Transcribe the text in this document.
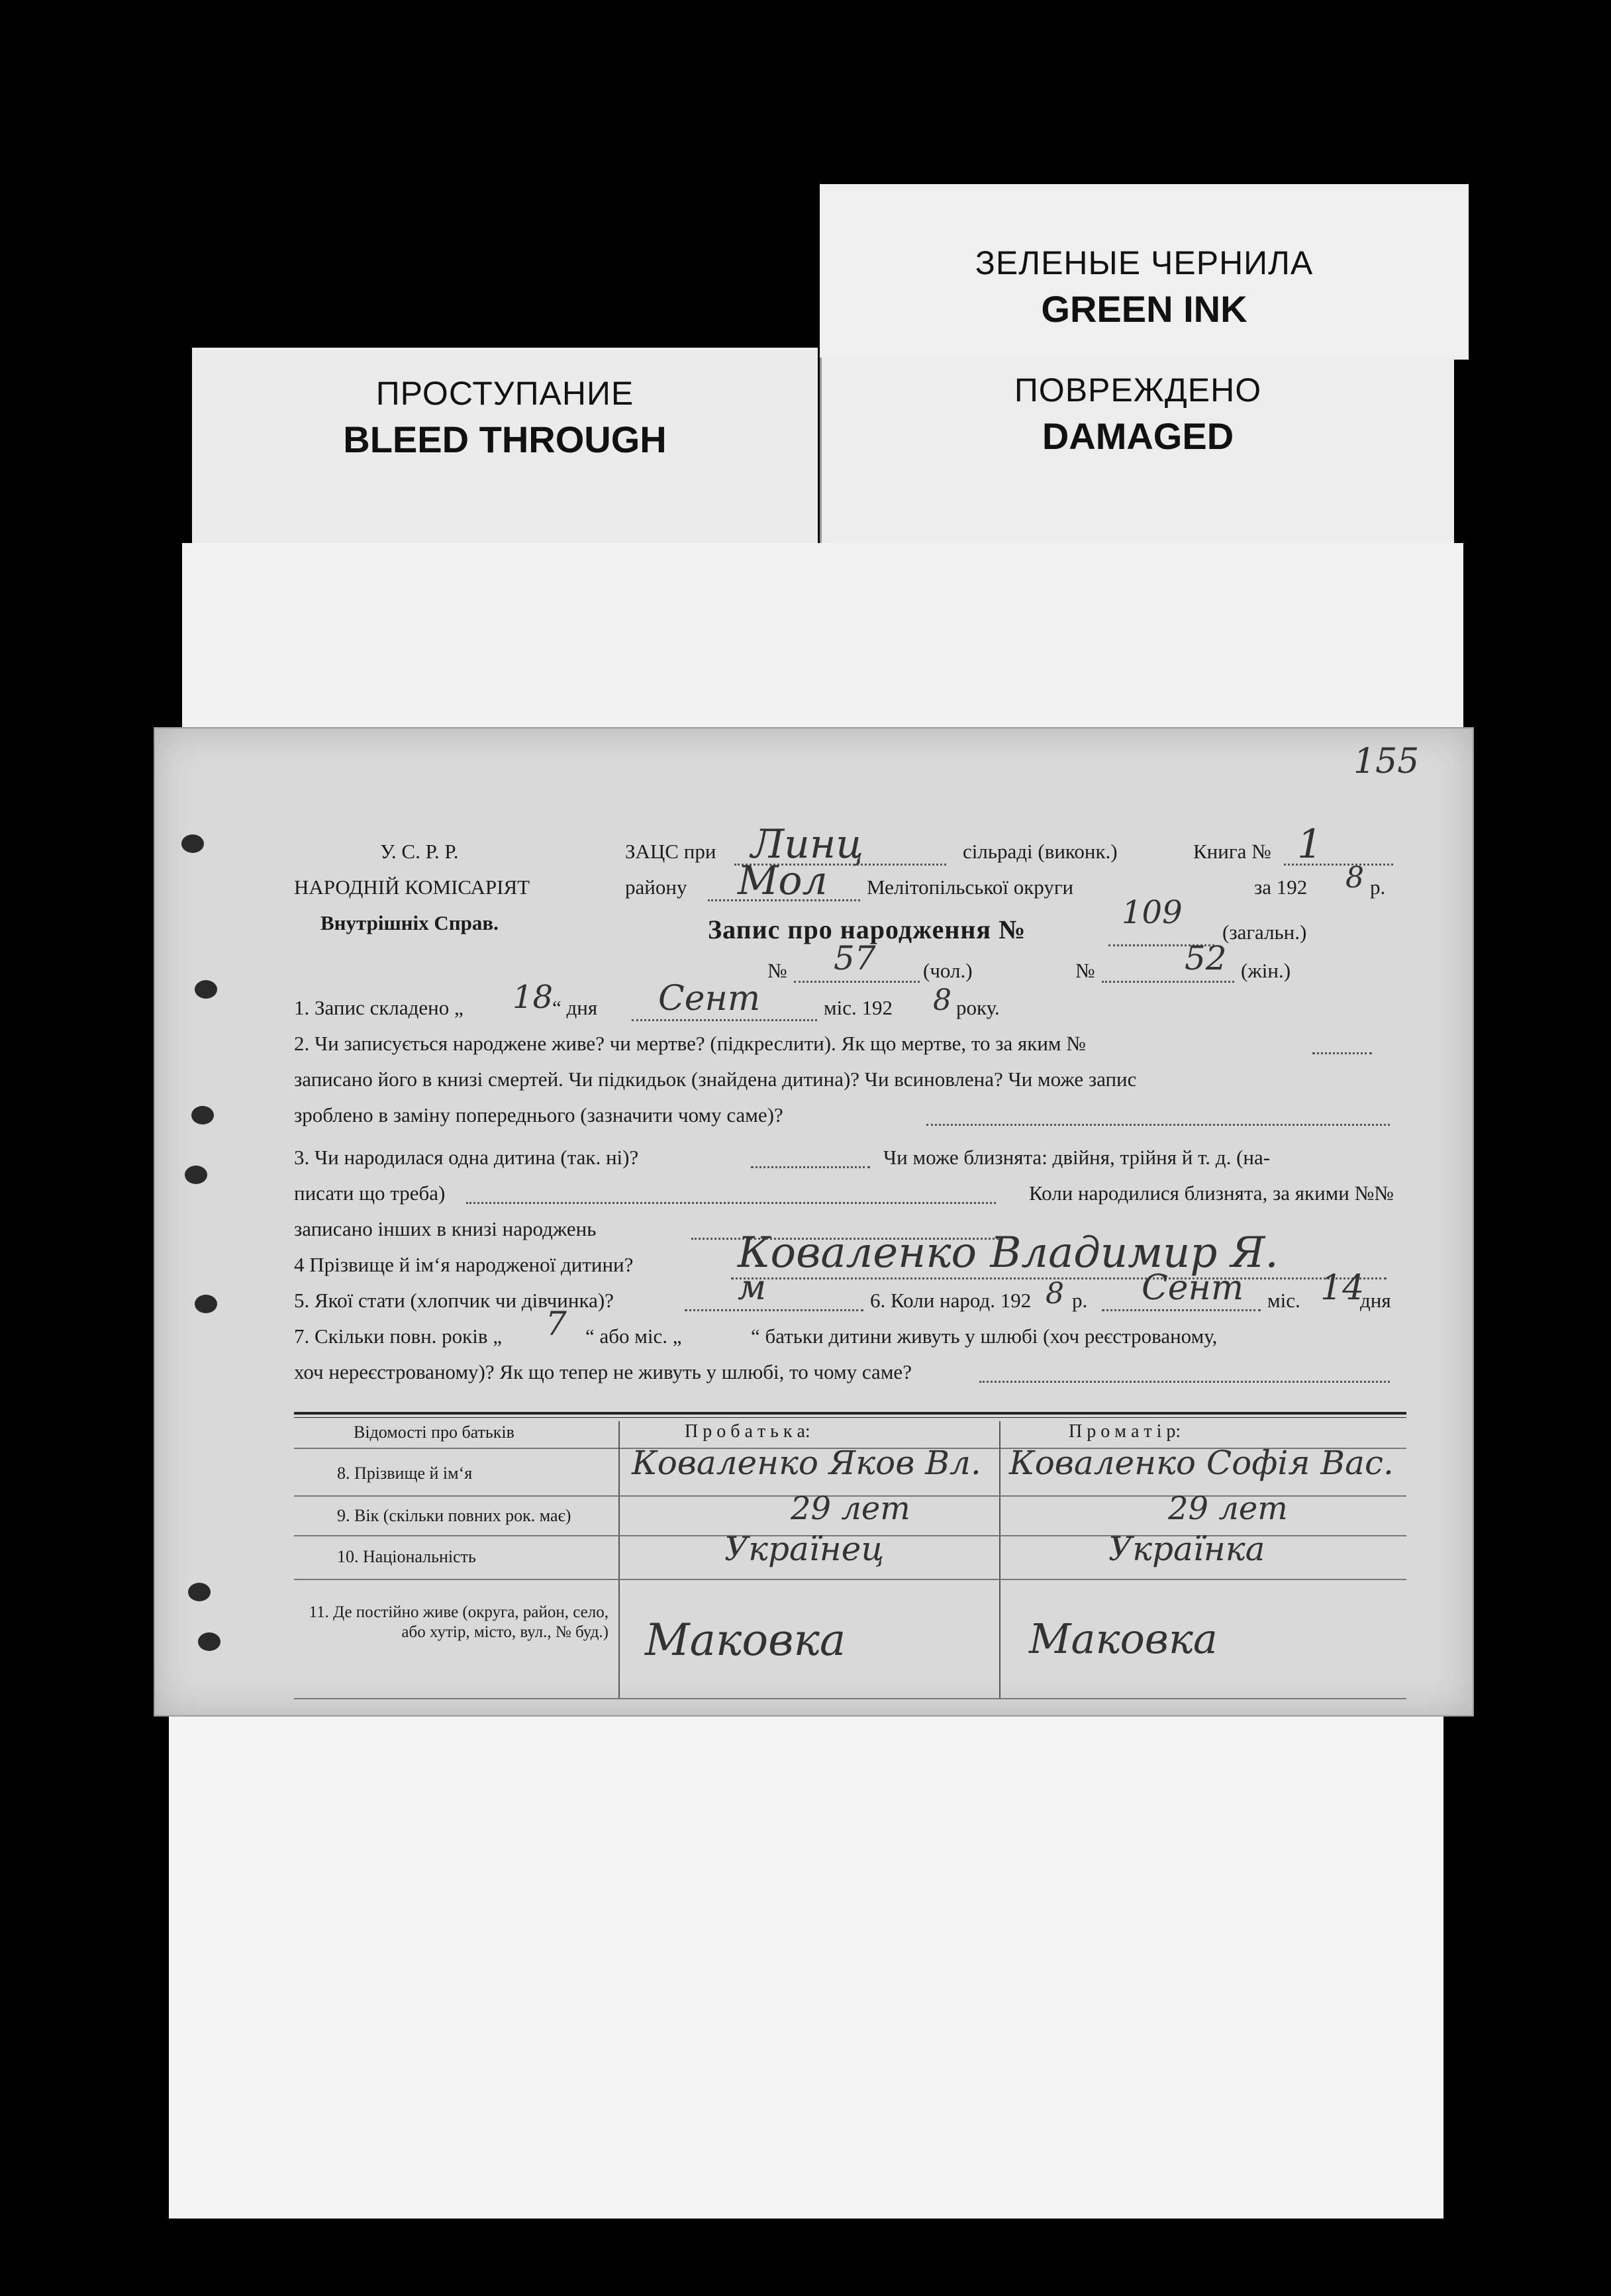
ЗЕЛЕНЫЕ ЧЕРНИЛА
GREEN INK
ПОВРЕЖДЕНО
DAMAGED
ПРОСТУПАНИЕ
BLEED THROUGH
155
У. С. Р. Р.
НАРОДНІЙ КОМІСАРІЯТ
Внутрішніх Справ.
ЗАЦС при Линц	сільраді (виконк.)	Книга № 1
району Мол Мелітопільської округи	за 192 8 р.
Запис про народження №	109
(загальн.)
№ 57 (чол.)	№	52 (жін.)
1. Запис складено „ 18
“ дня Сент	міс. 192 8 року.
2. Чи записується народжене живе? чи мертве? (підкреслити). Як що мертве, то за яким №
записано його в книзі смертей. Чи підкидьок (знайдена дитина)? Чи всиновлена? Чи може запис
зроблено в заміну попереднього (зазначити чому саме)?
3. Чи народилася одна дитина (так. ні)?	Чи може близнята: двійня, трійня й т. д. (на-
писати що треба)	Коли народилися близнята, за якими №№
записано інших в книзі народжень
4 Прізвище й ім‘я народженої дитини? Коваленко Владимир Я.
5. Якої стати (хлопчик чи дівчинка)?	м	6. Коли народ. 192 8 р. Сент міс. 14
дня
7. Скільки повн. років „ 7 “ або міс. „	“ батьки дитини живуть у шлюбі (хоч реєстрованому,
хоч нереєстрованому)? Як що тепер не живуть у шлюбі, то чому саме?
Відомості про батьків	П р о б а т ь к а:	П р о м а т і р:
8. Прізвище й ім‘я	Коваленко Яков Вл. Коваленко Софія Вас.
9. Вік (скільки повних рок. має)	29 лет	29 лет
10. Національність	Українец	Українка
11. Де постійно живе (округа, район, село, або хутір, місто, вул., № буд.) Маковка	Маковка
